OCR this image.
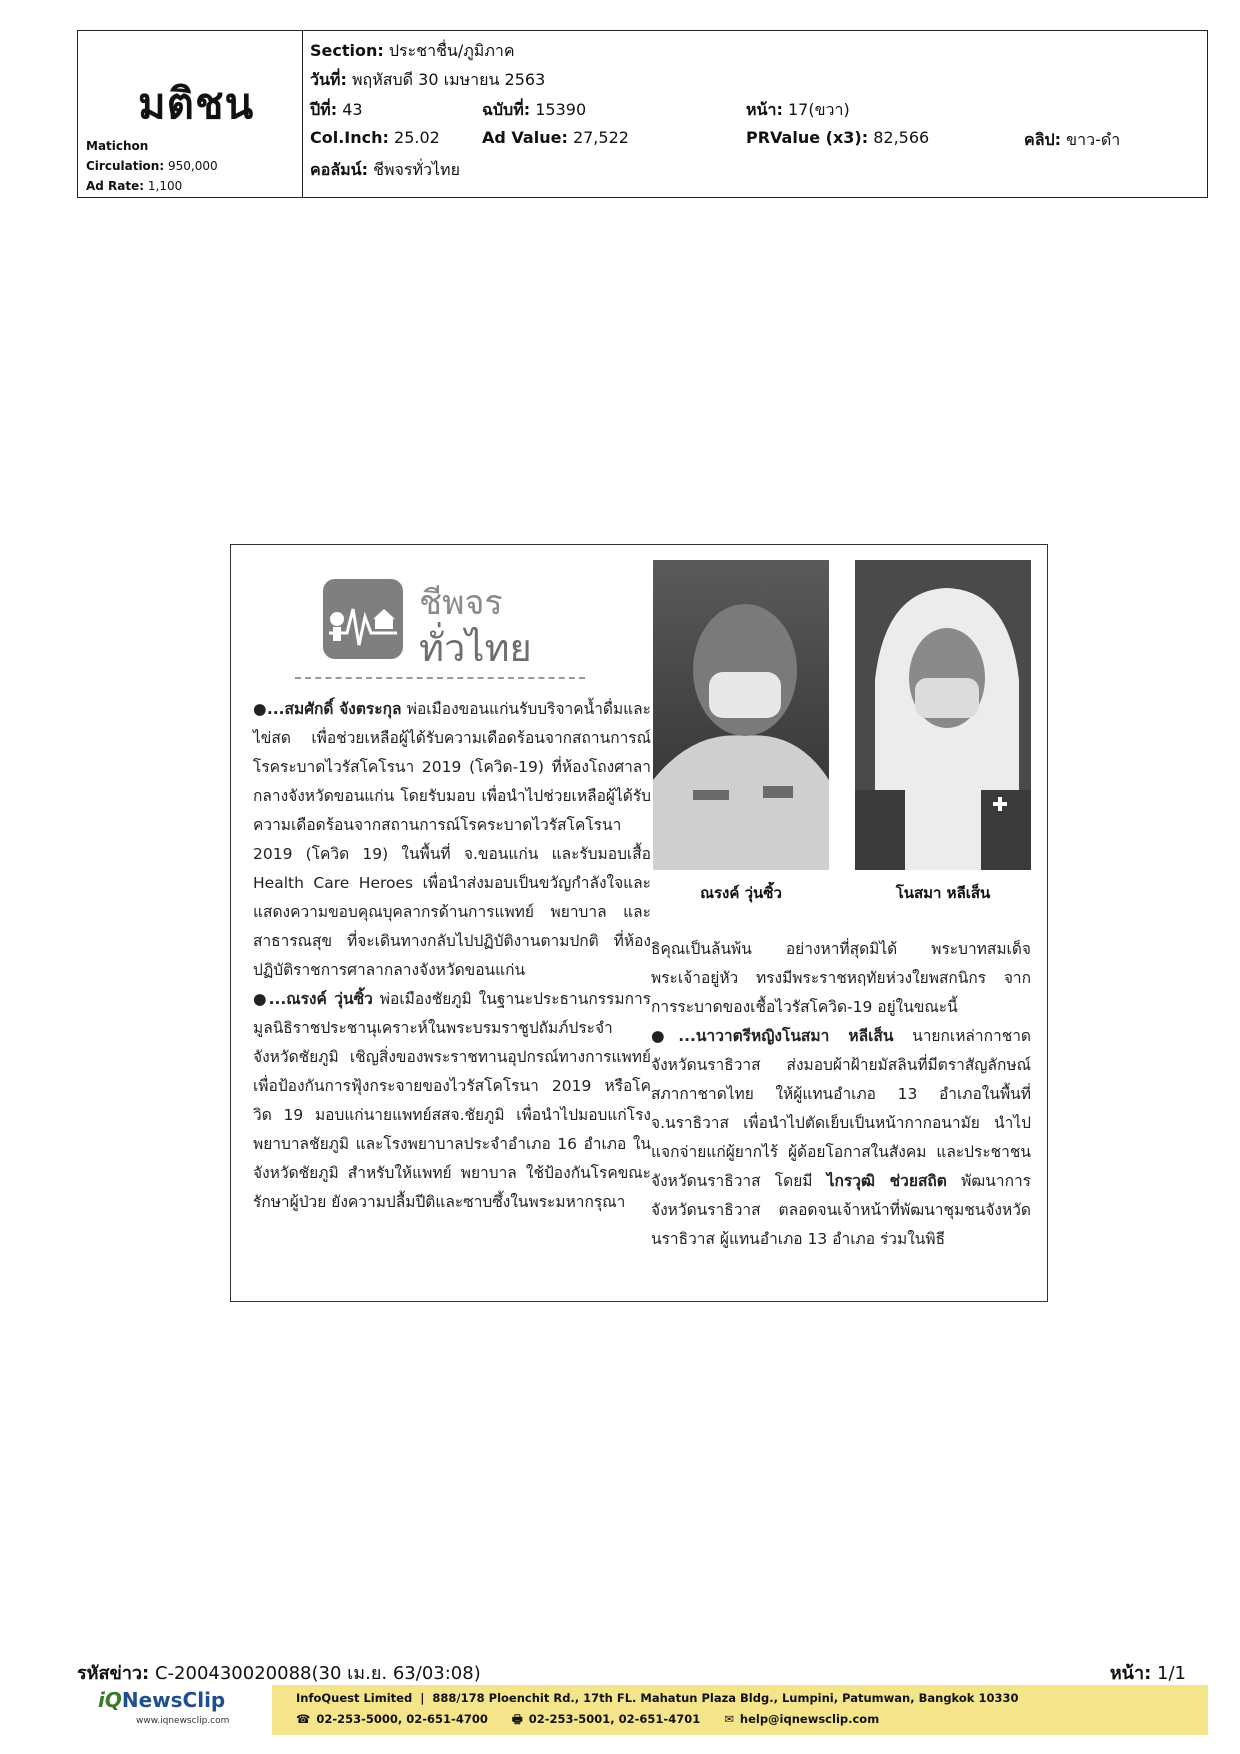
มติชน
Matichon
Circulation: 950,000
Ad Rate: 1,100
Section: ประชาชื่น/ภูมิภาค
วันที่: พฤหัสบดี 30 เมษายน 2563
ปีที่: 43	ฉบับที่: 15390	หน้า: 17(ขวา)
Col.Inch: 25.02	Ad Value: 27,522	PRValue (x3): 82,566	คลิป: ขาว-ดำ
คอลัมน์: ชีพจรทั่วไทย
ชีพจร
ทั่วไทย

●...สมศักดิ์ จังตระกุล พ่อเมืองขอนแก่นรับบริจาคน้ำดื่มและไข่สด เพื่อช่วยเหลือผู้ได้รับความเดือดร้อนจากสถานการณ์โรคระบาดไวรัสโคโรนา 2019 (โควิด-19) ที่ห้องโถงศาลากลางจังหวัดขอนแก่น โดยรับมอบ เพื่อนำไปช่วยเหลือผู้ได้รับความเดือดร้อนจากสถานการณ์โรคระบาดไวรัสโคโรนา 2019 (โควิด 19) ในพื้นที่ จ.ขอนแก่น และรับมอบเสื้อ Health Care Heroes เพื่อนำส่งมอบเป็นขวัญกำลังใจและแสดงความขอบคุณบุคลากรด้านการแพทย์ พยาบาล และสาธารณสุข ที่จะเดินทางกลับไปปฏิบัติงานตามปกติ ที่ห้องปฏิบัติราชการศาลากลางจังหวัดขอนแก่น

●...ณรงค์ วุ่นซิ้ว พ่อเมืองชัยภูมิ ในฐานะประธานกรรมการ มูลนิธิราชประชานุเคราะห์ในพระบรมราชูปถัมภ์ประจำจังหวัดชัยภูมิ เชิญสิ่งของพระราชทานอุปกรณ์ทางการแพทย์เพื่อป้องกันการฟุ้งกระจายของไวรัสโคโรนา 2019 หรือโควิด 19 มอบแก่นายแพทย์สสจ.ชัยภูมิ เพื่อนำไปมอบแก่โรงพยาบาลชัยภูมิ และโรงพยาบาลประจำอำเภอ 16 อำเภอ ในจังหวัดชัยภูมิ สำหรับให้แพทย์ พยาบาล ใช้ป้องกันโรคขณะรักษาผู้ป่วย ยังความปลื้มปีติและซาบซึ้งในพระมหากรุณา

ณรงค์ วุ่นซิ้ว	โนสมา หลีเส็น

ธิคุณเป็นล้นพ้น อย่างหาที่สุดมิได้ พระบาทสมเด็จพระเจ้าอยู่หัว ทรงมีพระราชหฤทัยห่วงใยพสกนิกร จากการระบาดของเชื้อไวรัสโควิด-19 อยู่ในขณะนี้

●...นาวาตรีหญิงโนสมา หลีเส็น นายกเหล่ากาชาดจังหวัดนราธิวาส ส่งมอบผ้าฝ้ายมัสลินที่มีตราสัญลักษณ์สภากาชาดไทย ให้ผู้แทนอำเภอ 13 อำเภอในพื้นที่ จ.นราธิวาส เพื่อนำไปตัดเย็บเป็นหน้ากากอนามัย นำไปแจกจ่ายแก่ผู้ยากไร้ ผู้ด้อยโอกาสในสังคม และประชาชนจังหวัดนราธิวาส โดยมี ไกรวุฒิ ช่วยสถิต พัฒนาการจังหวัดนราธิวาส ตลอดจนเจ้าหน้าที่พัฒนาชุมชนจังหวัดนราธิวาส ผู้แทนอำเภอ 13 อำเภอ ร่วมในพิธี

รหัสข่าว: C-200430020088(30 เม.ย. 63/03:08)	หน้า: 1/1
iQNewsClip
www.iqnewsclip.com
InfoQuest Limited  |  888/178 Ploenchit Rd., 17th FL. Mahatun Plaza Bldg., Lumpini, Patumwan, Bangkok 10330
☎ 02-253-5000, 02-651-4700 🖶 02-253-5001, 02-651-4701 ✉ help@iqnewsclip.com
